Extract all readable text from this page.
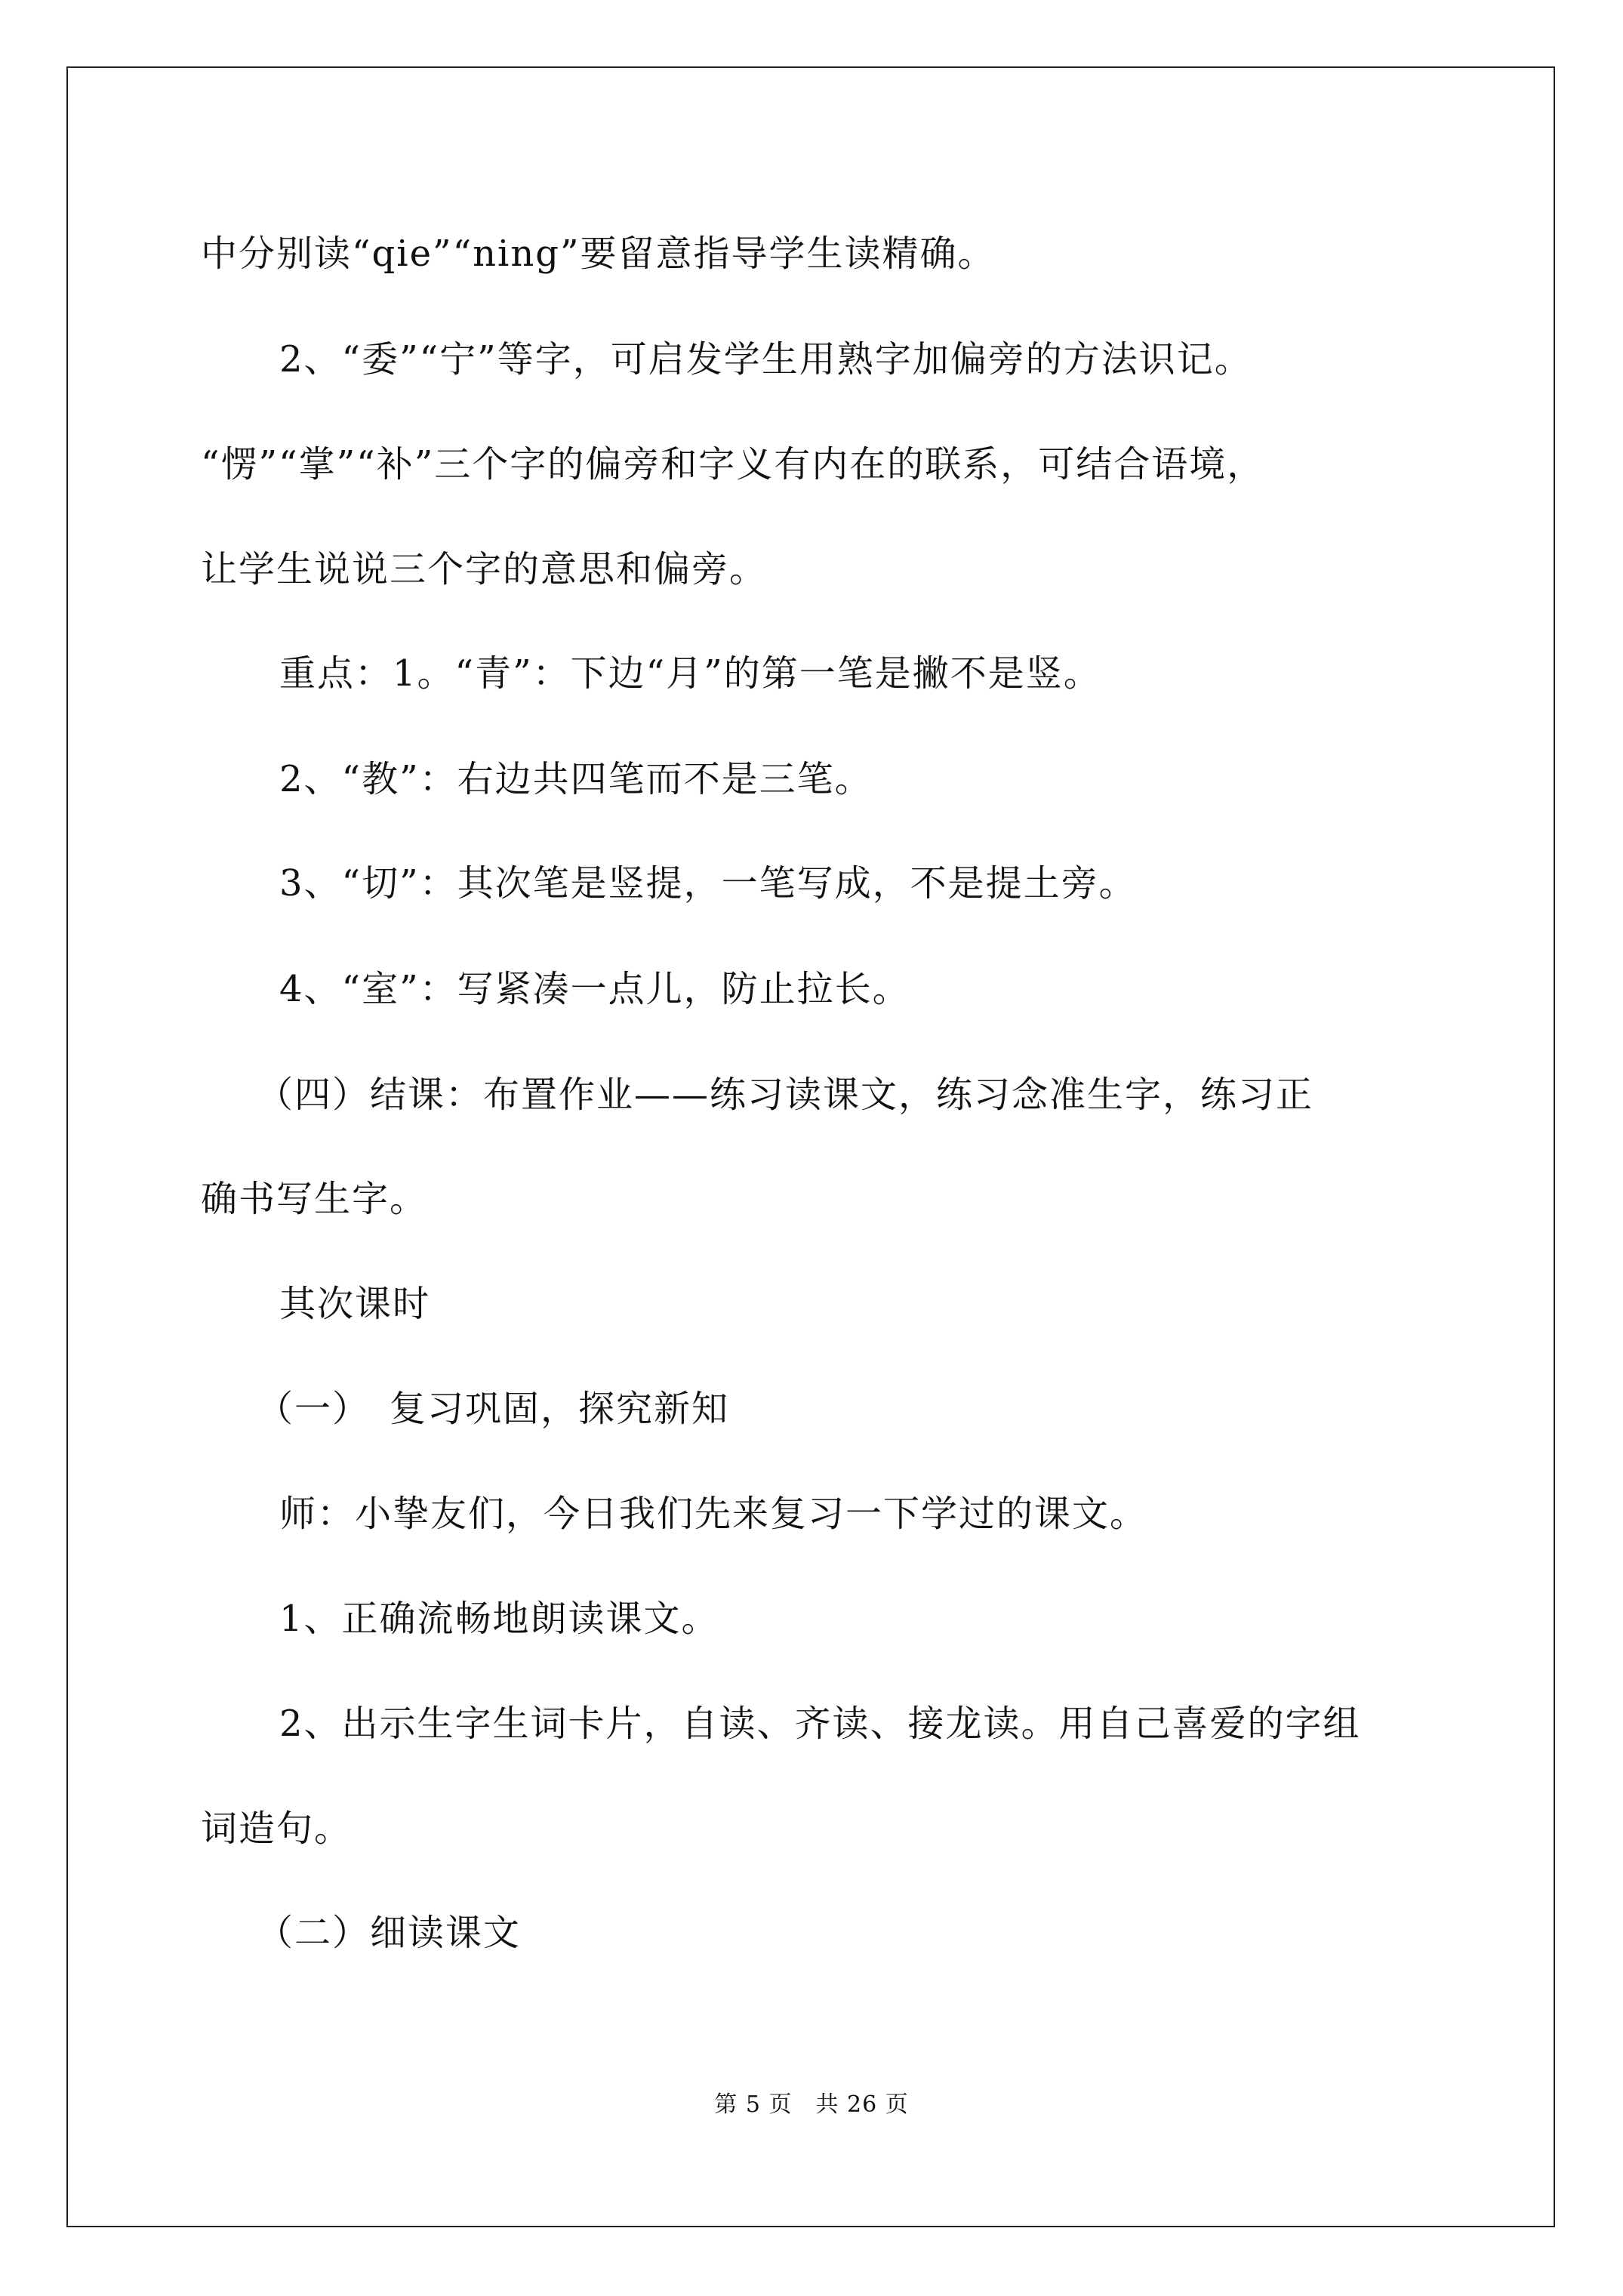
中分别读“qie”“ning”要留意指导学生读精确。
2、“委”“宁”等字，可启发学生用熟字加偏旁的方法识记。
“愣”“掌”“补”三个字的偏旁和字义有内在的联系，可结合语境，
让学生说说三个字的意思和偏旁。
重点：1。“青”：下边“月”的第一笔是撇不是竖。
2、“教”：右边共四笔而不是三笔。
3、“切”：其次笔是竖提，一笔写成，不是提土旁。
4、“室”：写紧凑一点儿，防止拉长。
（四）结课：布置作业——练习读课文，练习念准生字，练习正
确书写生字。
其次课时
（一）　复习巩固，探究新知
师：小挚友们，今日我们先来复习一下学过的课文。
1、正确流畅地朗读课文。
2、出示生字生词卡片，自读、齐读、接龙读。用自己喜爱的字组
词造句。
（二）细读课文
第 5 页　共 26 页
